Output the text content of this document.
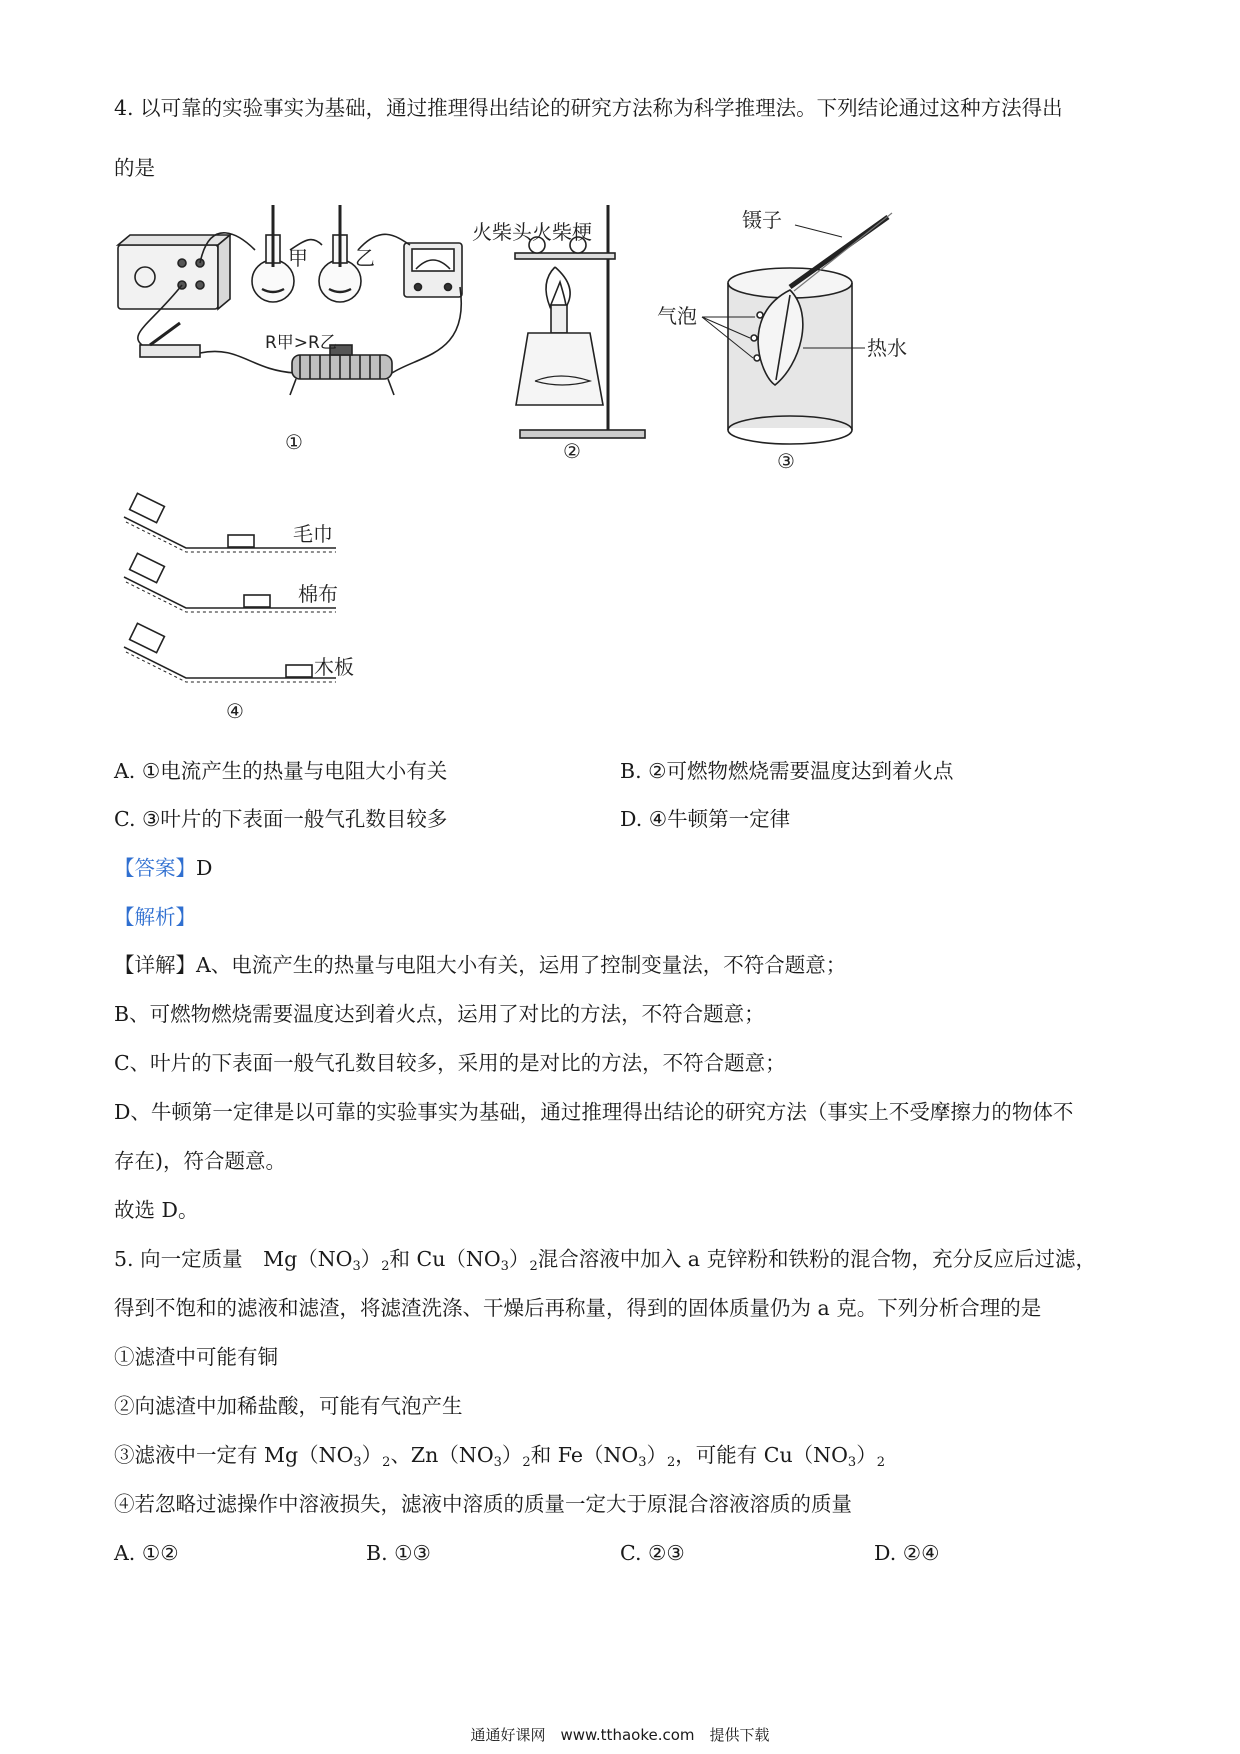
4. 以可靠的实验事实为基础，通过推理得出结论的研究方法称为科学推理法。下列结论通过这种方法得出
的是
甲 乙
R甲>R乙
①
火柴头火柴梗
②
镊子
气泡
热水
③
毛巾
棉布
木板
④
A. ①电流产生的热量与电阻大小有关	B. ②可燃物燃烧需要温度达到着火点
C. ③叶片的下表面一般气孔数目较多	D. ④牛顿第一定律
【答案】D
【解析】
【详解】A、电流产生的热量与电阻大小有关，运用了控制变量法，不符合题意；
B、可燃物燃烧需要温度达到着火点，运用了对比的方法，不符合题意；
C、叶片的下表面一般气孔数目较多，采用的是对比的方法，不符合题意；
D、牛顿第一定律是以可靠的实验事实为基础，通过推理得出结论的研究方法（事实上不受摩擦力的物体不
存在)，符合题意。
故选 D。
5. 向一定质量　$Mg(NO_3)_2$和 $Cu(NO_3)_2$混合溶液中加入 a 克锌粉和铁粉的混合物，充分反应后过滤，
得到不饱和的滤液和滤渣，将滤渣洗涤、干燥后再称量，得到的固体质量仍为 a 克。下列分析合理的是
①滤渣中可能有铜
②向滤渣中加稀盐酸，可能有气泡产生
③滤液中一定有 $Mg(NO_3)_2$、$Zn(NO_3)_2$和 $Fe(NO_3)_2$，可能有 $Cu(NO_3)_2$
④若忽略过滤操作中溶液损失，滤液中溶质的质量一定大于原混合溶液溶质的质量
A. ①②	B. ①③	C. ②③	D. ②④
通通好课网　www.tthaoke.com　提供下载
